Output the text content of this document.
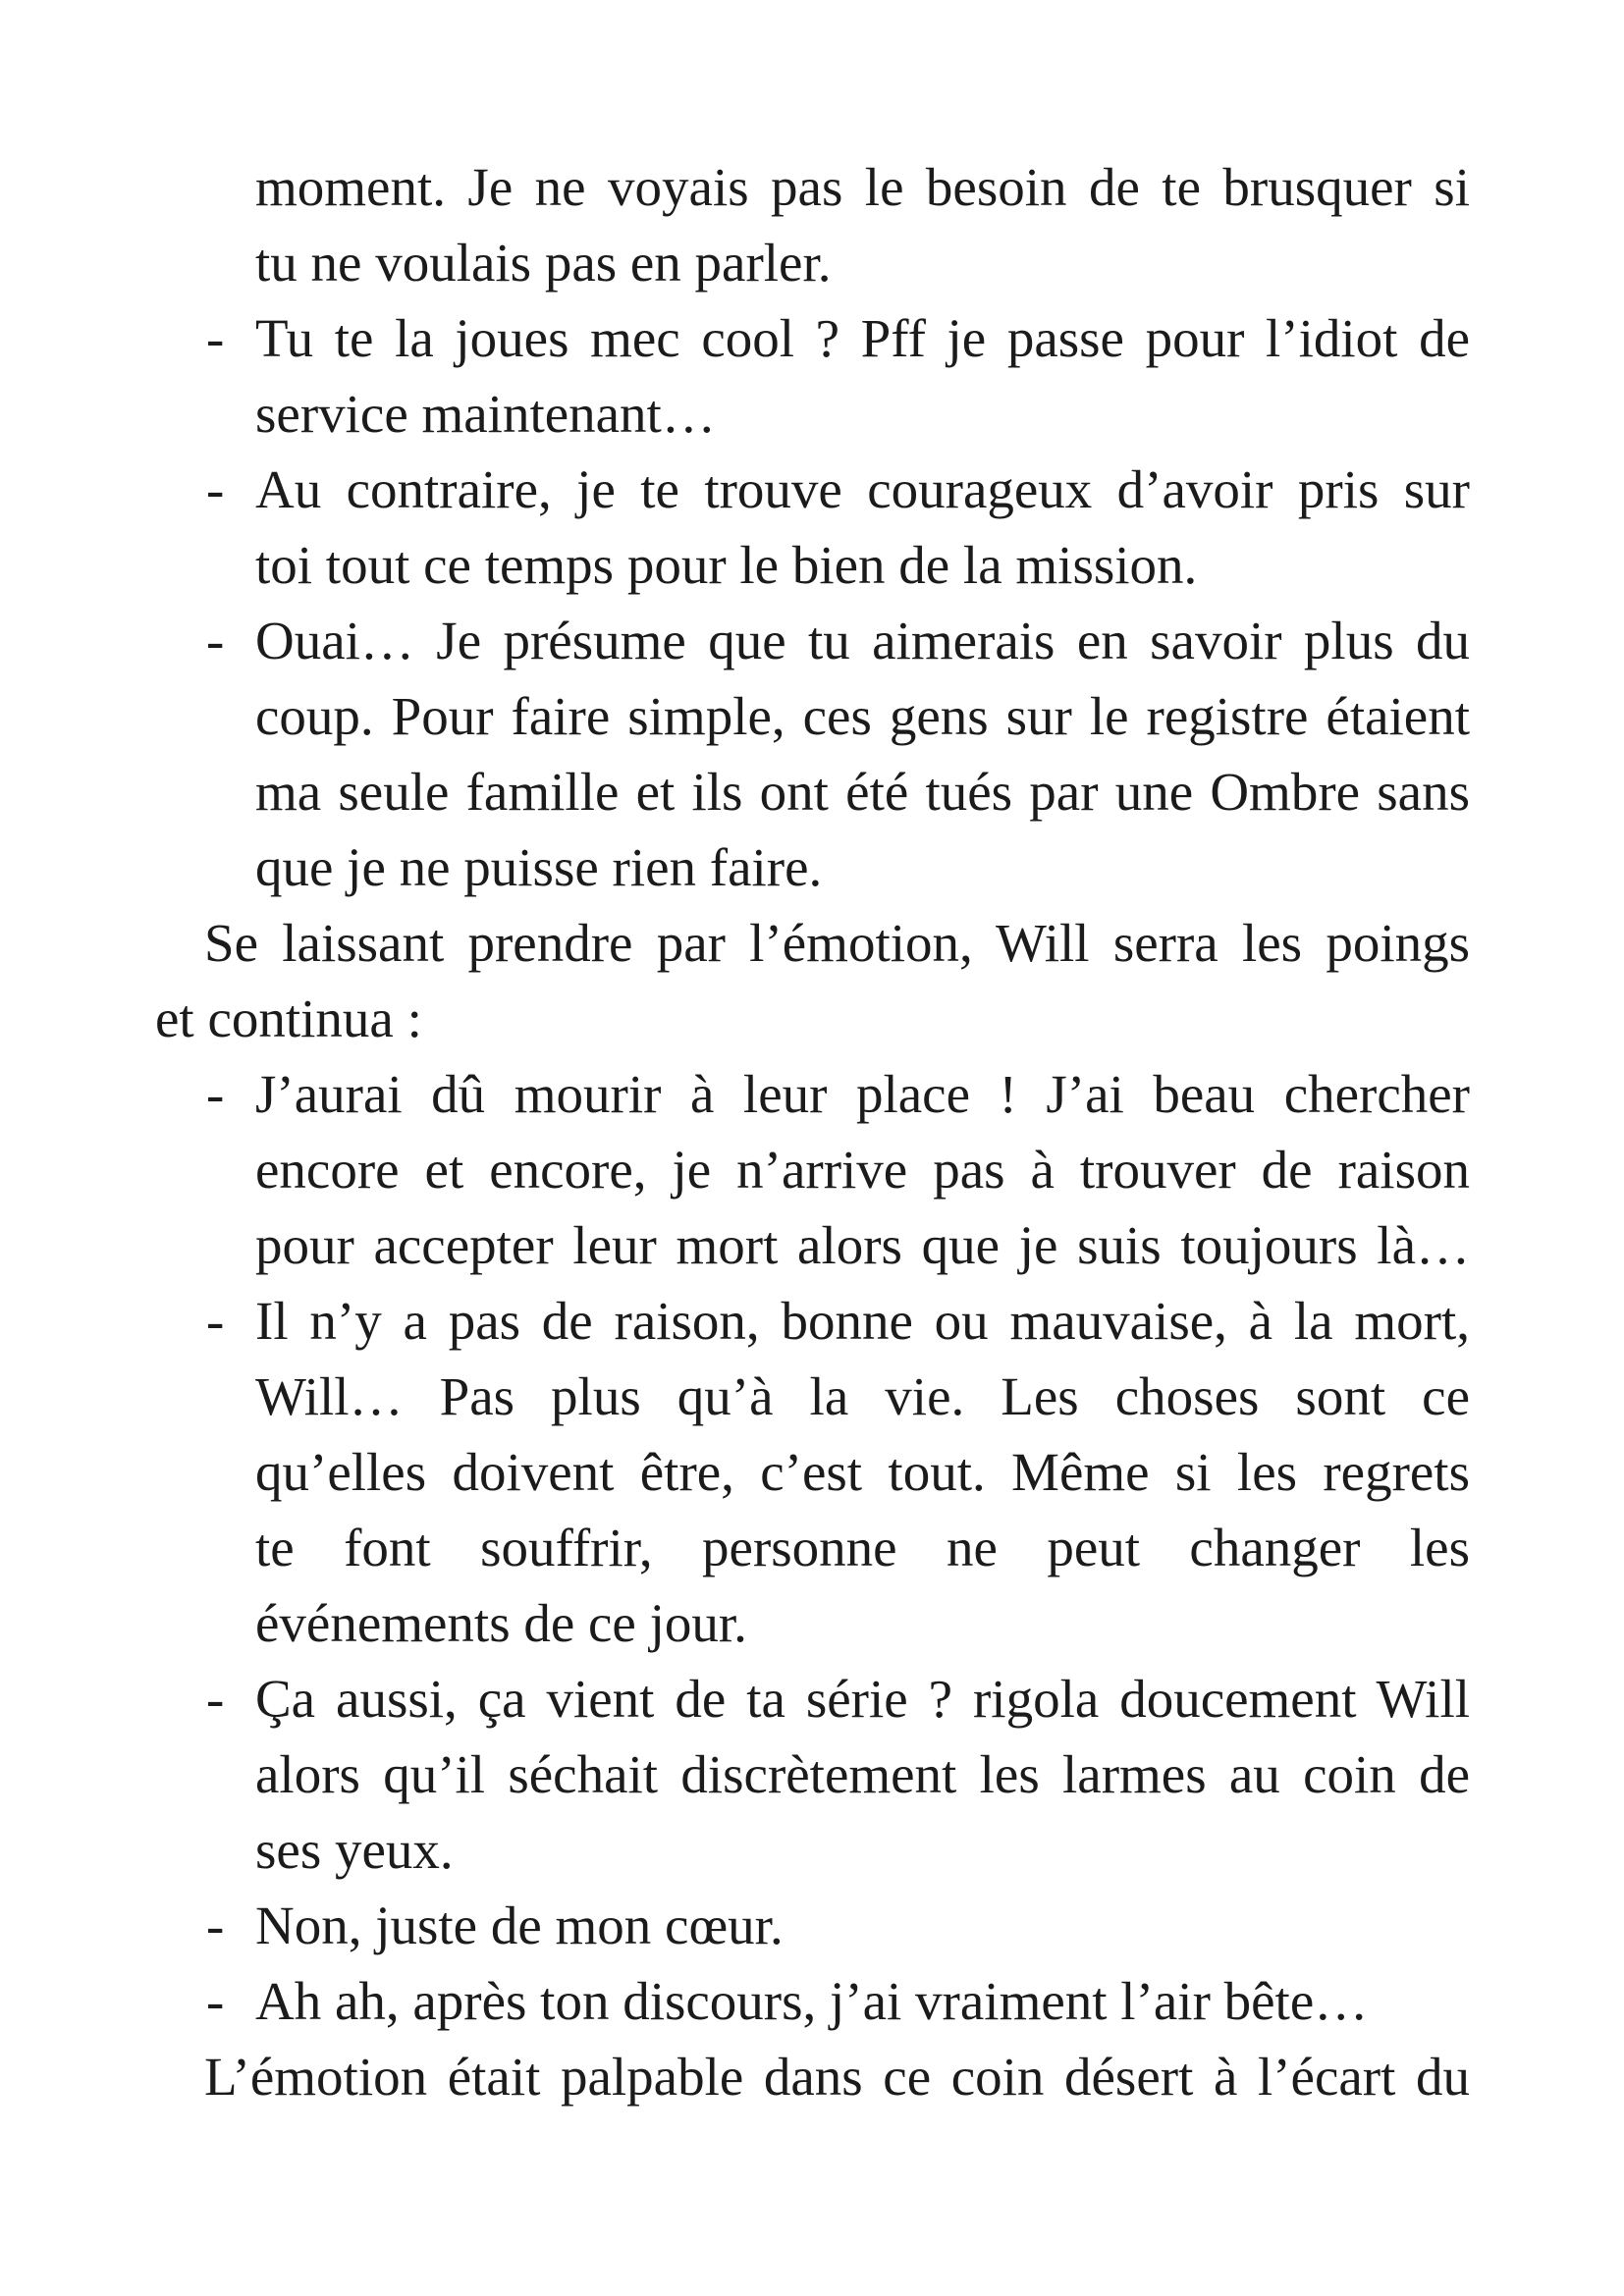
moment. Je ne voyais pas le besoin de te brusquer si
tu ne voulais pas en parler.
- Tu te la joues mec cool ? Pff je passe pour l’idiot de
service maintenant…
- Au contraire, je te trouve courageux d’avoir pris sur
toi tout ce temps pour le bien de la mission.
- Ouai… Je présume que tu aimerais en savoir plus du
coup. Pour faire simple, ces gens sur le registre étaient
ma seule famille et ils ont été tués par une Ombre sans
que je ne puisse rien faire.
Se laissant prendre par l’émotion, Will serra les poings
et continua :
- J’aurai dû mourir à leur place ! J’ai beau chercher
encore et encore, je n’arrive pas à trouver de raison
pour accepter leur mort alors que je suis toujours là…
- Il n’y a pas de raison, bonne ou mauvaise, à la mort,
Will… Pas plus qu’à la vie. Les choses sont ce
qu’elles doivent être, c’est tout. Même si les regrets
te font souffrir, personne ne peut changer les
événements de ce jour.
- Ça aussi, ça vient de ta série ? rigola doucement Will
alors qu’il séchait discrètement les larmes au coin de
ses yeux.
- Non, juste de mon cœur.
- Ah ah, après ton discours, j’ai vraiment l’air bête…
L’émotion était palpable dans ce coin désert à l’écart du
